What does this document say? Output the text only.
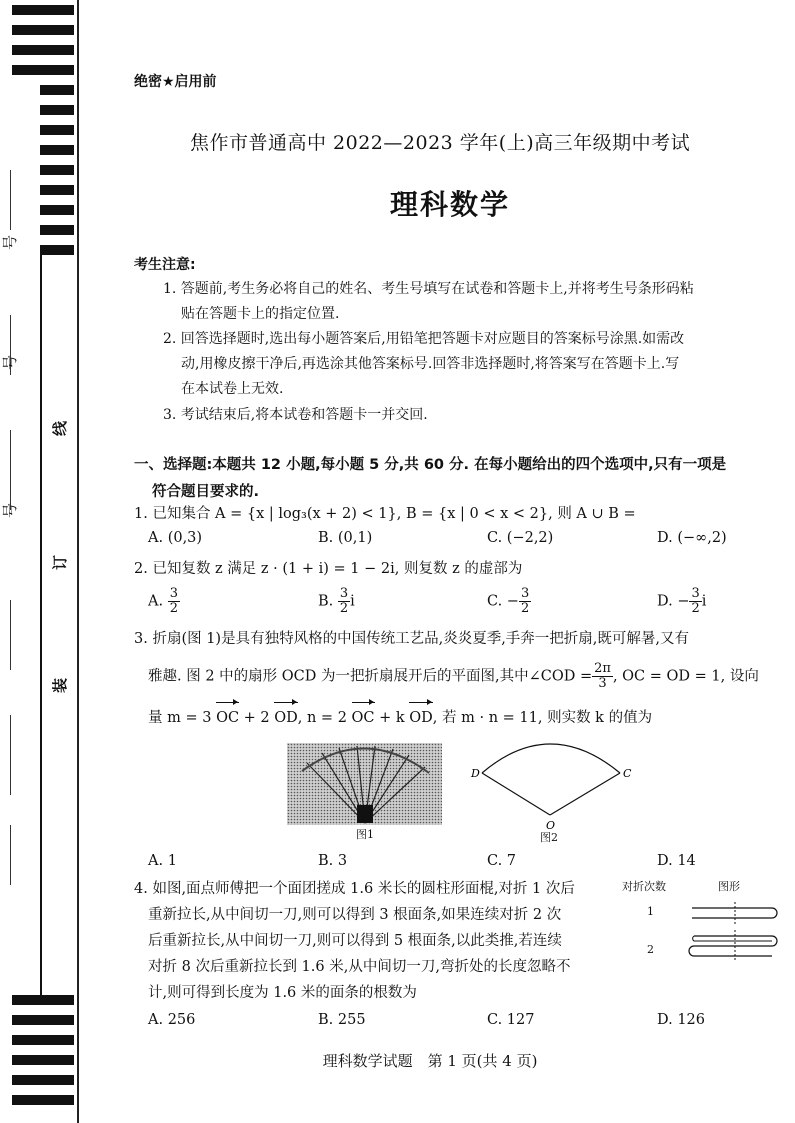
号
号
号
线
订
装
绝密★启用前
焦作市普通高中 2022—2023 学年(上)高三年级期中考试
理科数学
考生注意:
1. 答题前,考生务必将自己的姓名、考生号填写在试卷和答题卡上,并将考生号条形码粘
贴在答题卡上的指定位置.
2. 回答选择题时,选出每小题答案后,用铅笔把答题卡对应题目的答案标号涂黑.如需改
动,用橡皮擦干净后,再选涂其他答案标号.回答非选择题时,将答案写在答题卡上.写
在本试卷上无效.
3. 考试结束后,将本试卷和答题卡一并交回.
一、选择题:本题共 12 小题,每小题 5 分,共 60 分. 在每小题给出的四个选项中,只有一项是
符合题目要求的.
1. 已知集合 A = {x | log₃(x + 2) < 1}, B = {x | 0 < x < 2}, 则 A ∪ B =
A. (0,3)	B. (0,1)	C. (−2,2)	D. (−∞,2)
2. 已知复数 z 满足 z · (1 + i) = 1 − 2i, 则复数 z 的虚部为
A. $\frac{3}{2}$	B. $\frac{3}{2}$ i	C. − $\frac{3}{2}$	D. − $\frac{3}{2}$ i
3. 折扇(图 1)是具有独特风格的中国传统工艺品,炎炎夏季,手奔一把折扇,既可解暑,又有
雅趣. 图 2 中的扇形 OCD 为一把折扇展开后的平面图,其中∠COD = $\frac{2\pi}{3}$ , OC = OD = 1, 设向
量 m = 3 OC + 2 OD, n = 2 OC + k OD, 若 m · n = 11, 则实数 k 的值为
图1
D	C
O
图2
A. 1	B. 3	C. 7	D. 14
4. 如图,面点师傅把一个面团搓成 1.6 米长的圆柱形面棍,对折 1 次后
重新拉长,从中间切一刀,则可以得到 3 根面条,如果连续对折 2 次
后重新拉长,从中间切一刀,则可以得到 5 根面条,以此类推,若连续
对折 8 次后重新拉长到 1.6 米,从中间切一刀,弯折处的长度忽略不
计,则可得到长度为 1.6 米的面条的根数为
对折次数	图形
1
2
A. 256	B. 255	C. 127	D. 126
理科数学试题　第 1 页(共 4 页)
